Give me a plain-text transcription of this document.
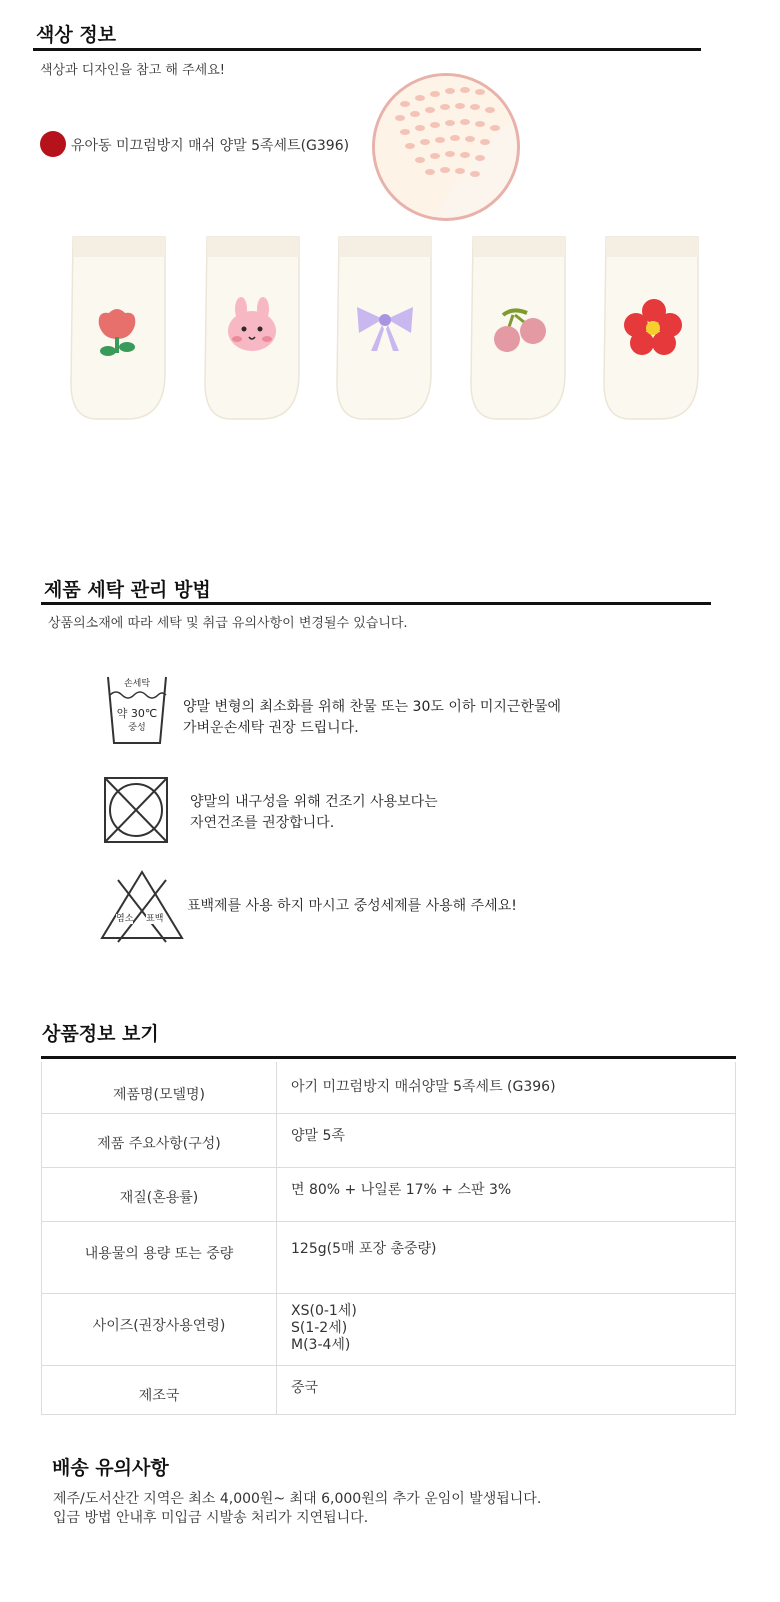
색상 정보
색상과 디자인을 참고 해 주세요!
유아동 미끄럼방지 매쉬 양말 5족세트(G396)
제품 세탁 관리 방법
상품의소재에 따라 세탁 및 취급 유의사항이 변경될수 있습니다.
손세탁
약 30℃
중성
양말 변형의 최소화를 위해 찬물 또는 30도 이하 미지근한물에
가벼운손세탁 권장 드립니다.
양말의 내구성을 위해 건조기 사용보다는
자연건조를 권장합니다.
염소 표백
표백제를 사용 하지 마시고 중성세제를 사용해 주세요!
상품정보 보기
제품명(모델명)	아기 미끄럼방지 매쉬양말 5족세트 (G396)

제품 주요사항(구성)	양말 5족

재질(혼용률)	면 80% + 나일론 17% + 스판 3%

내용물의 용량 또는 중량	125g(5매 포장 총중량)

사이즈(권장사용연령)	XS(0-1세)
S(1-2세)
M(3-4세)

제조국	중국
배송 유의사항
제주/도서산간 지역은 최소 4,000원~ 최대 6,000원의 추가 운임이 발생됩니다.
입금 방법 안내후 미입금 시발송 처리가 지연됩니다.
